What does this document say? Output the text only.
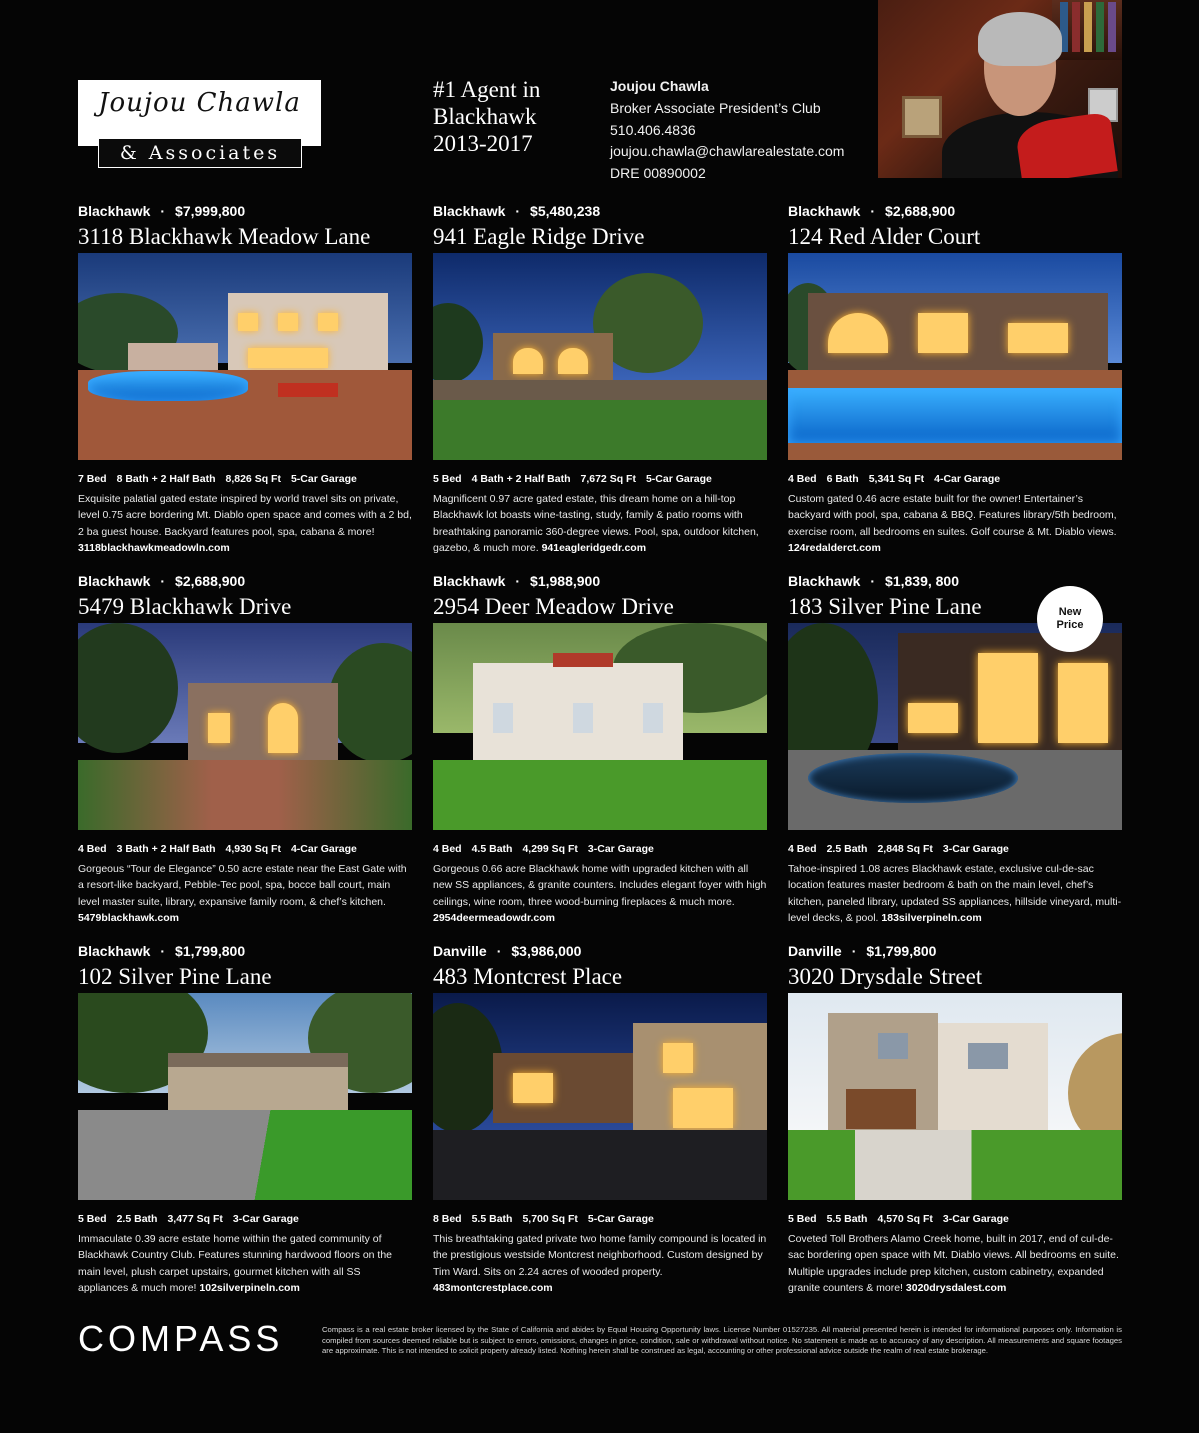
Joujou Chawla
& Associates
#1 Agent in
Blackhawk
2013-2017
Joujou Chawla
Broker Associate President’s Club
510.406.4836
joujou.chawla@chawlarealestate.com
DRE 00890002
Blackhawk · $7,999,800
3118 Blackhawk Meadow Lane
7 Bed 8 Bath + 2 Half Bath 8,826 Sq Ft 5-Car Garage
Exquisite palatial gated estate inspired by world travel sits on private, level 0.75 acre bordering Mt. Diablo open space and comes with a 2 bd, 2 ba guest house. Backyard features pool, spa, cabana & more! 3118blackhawkmeadowln.com
Blackhawk · $5,480,238
941 Eagle Ridge Drive
5 Bed 4 Bath + 2 Half Bath 7,672 Sq Ft 5-Car Garage
Magnificent 0.97 acre gated estate, this dream home on a hill-top Blackhawk lot boasts wine-tasting, study, family & patio rooms with breathtaking panoramic 360-degree views. Pool, spa, outdoor kitchen, gazebo, & much more. 941eagleridgedr.com
Blackhawk · $2,688,900
124 Red Alder Court
4 Bed 6 Bath 5,341 Sq Ft 4-Car Garage
Custom gated 0.46 acre estate built for the owner! Entertainer’s backyard with pool, spa, cabana & BBQ. Features library/5th bedroom, exercise room, all bedrooms en suites. Golf course & Mt. Diablo views. 124redalderct.com
Blackhawk · $2,688,900
5479 Blackhawk Drive
4 Bed 3 Bath + 2 Half Bath 4,930 Sq Ft 4-Car Garage
Gorgeous “Tour de Elegance” 0.50 acre estate near the East Gate with a resort-like backyard, Pebble-Tec pool, spa, bocce ball court, main level master suite, library, expansive family room, & chef’s kitchen. 5479blackhawk.com
Blackhawk · $1,988,900
2954 Deer Meadow Drive
4 Bed 4.5 Bath 4,299 Sq Ft 3-Car Garage
Gorgeous 0.66 acre Blackhawk home with upgraded kitchen with all new SS appliances, & granite counters. Includes elegant foyer with high ceilings, wine room, three wood-burning fireplaces & much more. 2954deermeadowdr.com
Blackhawk · $1,839, 800
183 Silver Pine Lane
4 Bed 2.5 Bath 2,848 Sq Ft 3-Car Garage
Tahoe-inspired 1.08 acres Blackhawk estate, exclusive cul-de-sac location features master bedroom & bath on the main level, chef’s kitchen, paneled library, updated SS appliances, hillside vineyard, multi-level decks, & pool. 183silverpineln.com
New
Price
Blackhawk · $1,799,800
102 Silver Pine Lane
5 Bed 2.5 Bath 3,477 Sq Ft 3-Car Garage
Immaculate 0.39 acre estate home within the gated community of Blackhawk Country Club. Features stunning hardwood floors on the main level, plush carpet upstairs, gourmet kitchen with all SS appliances & much more! 102silverpineln.com
Danville · $3,986,000
483 Montcrest Place
8 Bed 5.5 Bath 5,700 Sq Ft 5-Car Garage
This breathtaking gated private two home family compound is located in the prestigious westside Montcrest neighborhood. Custom designed by Tim Ward. Sits on 2.24 acres of wooded property. 483montcrestplace.com
Danville · $1,799,800
3020 Drysdale Street
5 Bed 5.5 Bath 4,570 Sq Ft 3-Car Garage
Coveted Toll Brothers Alamo Creek home, built in 2017, end of cul-de-sac bordering open space with Mt. Diablo views. All bedrooms en suite. Multiple upgrades include prep kitchen, custom cabinetry, expanded granite counters & more! 3020drysdalest.com
COMPASS	Compass is a real estate broker licensed by the State of California and abides by Equal Housing Opportunity laws. License Number 01527235. All material presented herein is intended for informational purposes only. Information is compiled from sources deemed reliable but is subject to errors, omissions, changes in price, condition, sale or withdrawal without notice. No statement is made as to accuracy of any description. All measurements and square footages are approximate. This is not intended to solicit property already listed. Nothing herein shall be construed as legal, accounting or other professional advice outside the realm of real estate brokerage.
